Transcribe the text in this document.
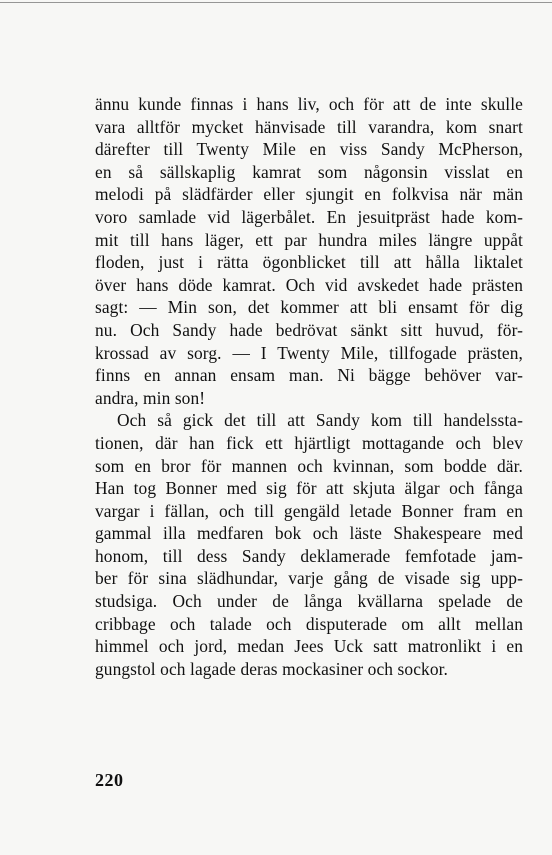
ännu kunde finnas i hans liv, och för att de inte skulle
vara alltför mycket hänvisade till varandra, kom snart
därefter till Twenty Mile en viss Sandy McPherson,
en så sällskaplig kamrat som någonsin visslat en
melodi på slädfärder eller sjungit en folkvisa när män
voro samlade vid lägerbålet. En jesuitpräst hade kom-
mit till hans läger, ett par hundra miles längre uppåt
floden, just i rätta ögonblicket till att hålla liktalet
över hans döde kamrat. Och vid avskedet hade prästen
sagt: — Min son, det kommer att bli ensamt för dig
nu. Och Sandy hade bedrövat sänkt sitt huvud, för-
krossad av sorg. — I Twenty Mile, tillfogade prästen,
finns en annan ensam man. Ni bägge behöver var-
andra, min son!
Och så gick det till att Sandy kom till handelssta-
tionen, där han fick ett hjärtligt mottagande och blev
som en bror för mannen och kvinnan, som bodde där.
Han tog Bonner med sig för att skjuta älgar och fånga
vargar i fällan, och till gengäld letade Bonner fram en
gammal illa medfaren bok och läste Shakespeare med
honom, till dess Sandy deklamerade femfotade jam-
ber för sina slädhundar, varje gång de visade sig upp-
studsiga. Och under de långa kvällarna spelade de
cribbage och talade och disputerade om allt mellan
himmel och jord, medan Jees Uck satt matronlikt i en
gungstol och lagade deras mockasiner och sockor.
220
